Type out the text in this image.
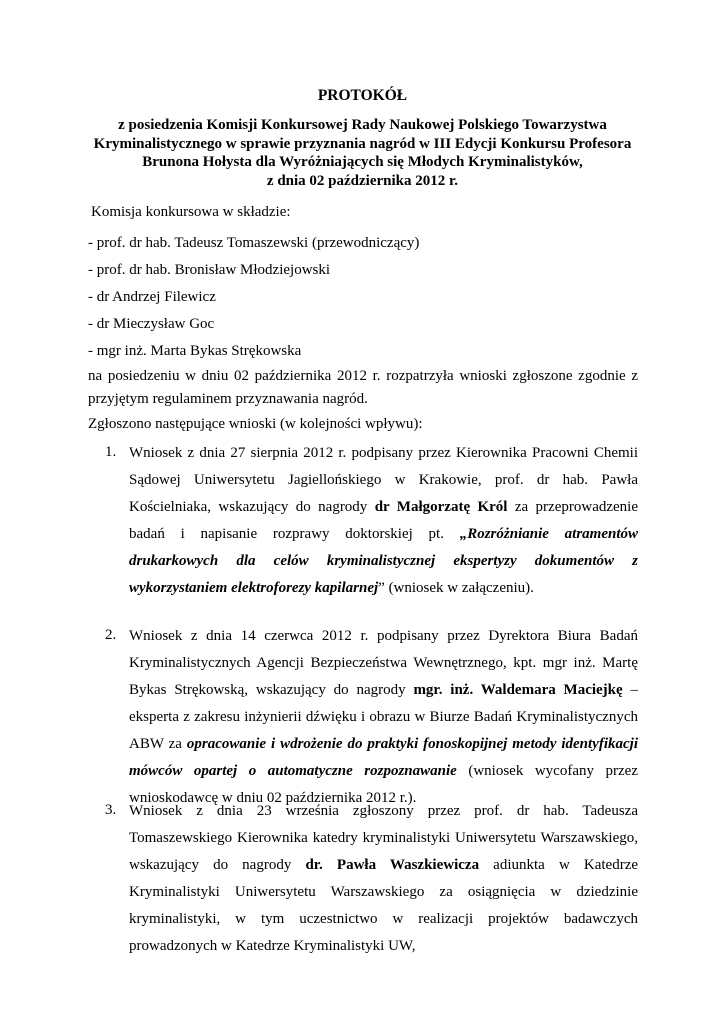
PROTOKÓŁ
z posiedzenia Komisji Konkursowej Rady Naukowej Polskiego Towarzystwa
Kryminalistycznego w sprawie przyznania nagród w III Edycji Konkursu Profesora
Brunona Hołysta dla Wyróżniających się Młodych Kryminalistyków,
z dnia 02 października 2012 r.
Komisja konkursowa w składzie:
- prof. dr hab. Tadeusz Tomaszewski (przewodniczący)
- prof. dr hab. Bronisław Młodziejowski
- dr Andrzej Filewicz
- dr Mieczysław Goc
- mgr inż. Marta Bykas Strękowska
na posiedzeniu w dniu 02 października 2012 r. rozpatrzyła wnioski zgłoszone zgodnie z przyjętym regulaminem przyznawania nagród.
Zgłoszono następujące wnioski (w kolejności wpływu):
1. Wniosek z dnia 27 sierpnia 2012 r. podpisany przez Kierownika Pracowni Chemii Sądowej Uniwersytetu Jagiellońskiego w Krakowie, prof. dr hab. Pawła Kościelniaka, wskazujący do nagrody dr Małgorzatę Król za przeprowadzenie badań i napisanie rozprawy doktorskiej pt. „Rozróżnianie atramentów drukarkowych dla celów kryminalistycznej ekspertyzy dokumentów z wykorzystaniem elektroforezy kapilarnej” (wniosek w załączeniu).
2. Wniosek z dnia 14 czerwca 2012 r. podpisany przez Dyrektora Biura Badań Kryminalistycznych Agencji Bezpieczeństwa Wewnętrznego, kpt. mgr inż. Martę Bykas Strękowską, wskazujący do nagrody mgr. inż. Waldemara Maciejkę – eksperta z zakresu inżynierii dźwięku i obrazu w Biurze Badań Kryminalistycznych ABW za opracowanie i wdrożenie do praktyki fonoskopijnej metody identyfikacji mówców opartej o automatyczne rozpoznawanie (wniosek wycofany przez wnioskodawcę w dniu 02 października 2012 r.).
3. Wniosek z dnia 23 września zgłoszony przez prof. dr hab. Tadeusza Tomaszewskiego Kierownika katedry kryminalistyki Uniwersytetu Warszawskiego, wskazujący do nagrody dr. Pawła Waszkiewicza adiunkta w Katedrze Kryminalistyki Uniwersytetu Warszawskiego za osiągnięcia w dziedzinie kryminalistyki, w tym uczestnictwo w realizacji projektów badawczych prowadzonych w Katedrze Kryminalistyki UW,
